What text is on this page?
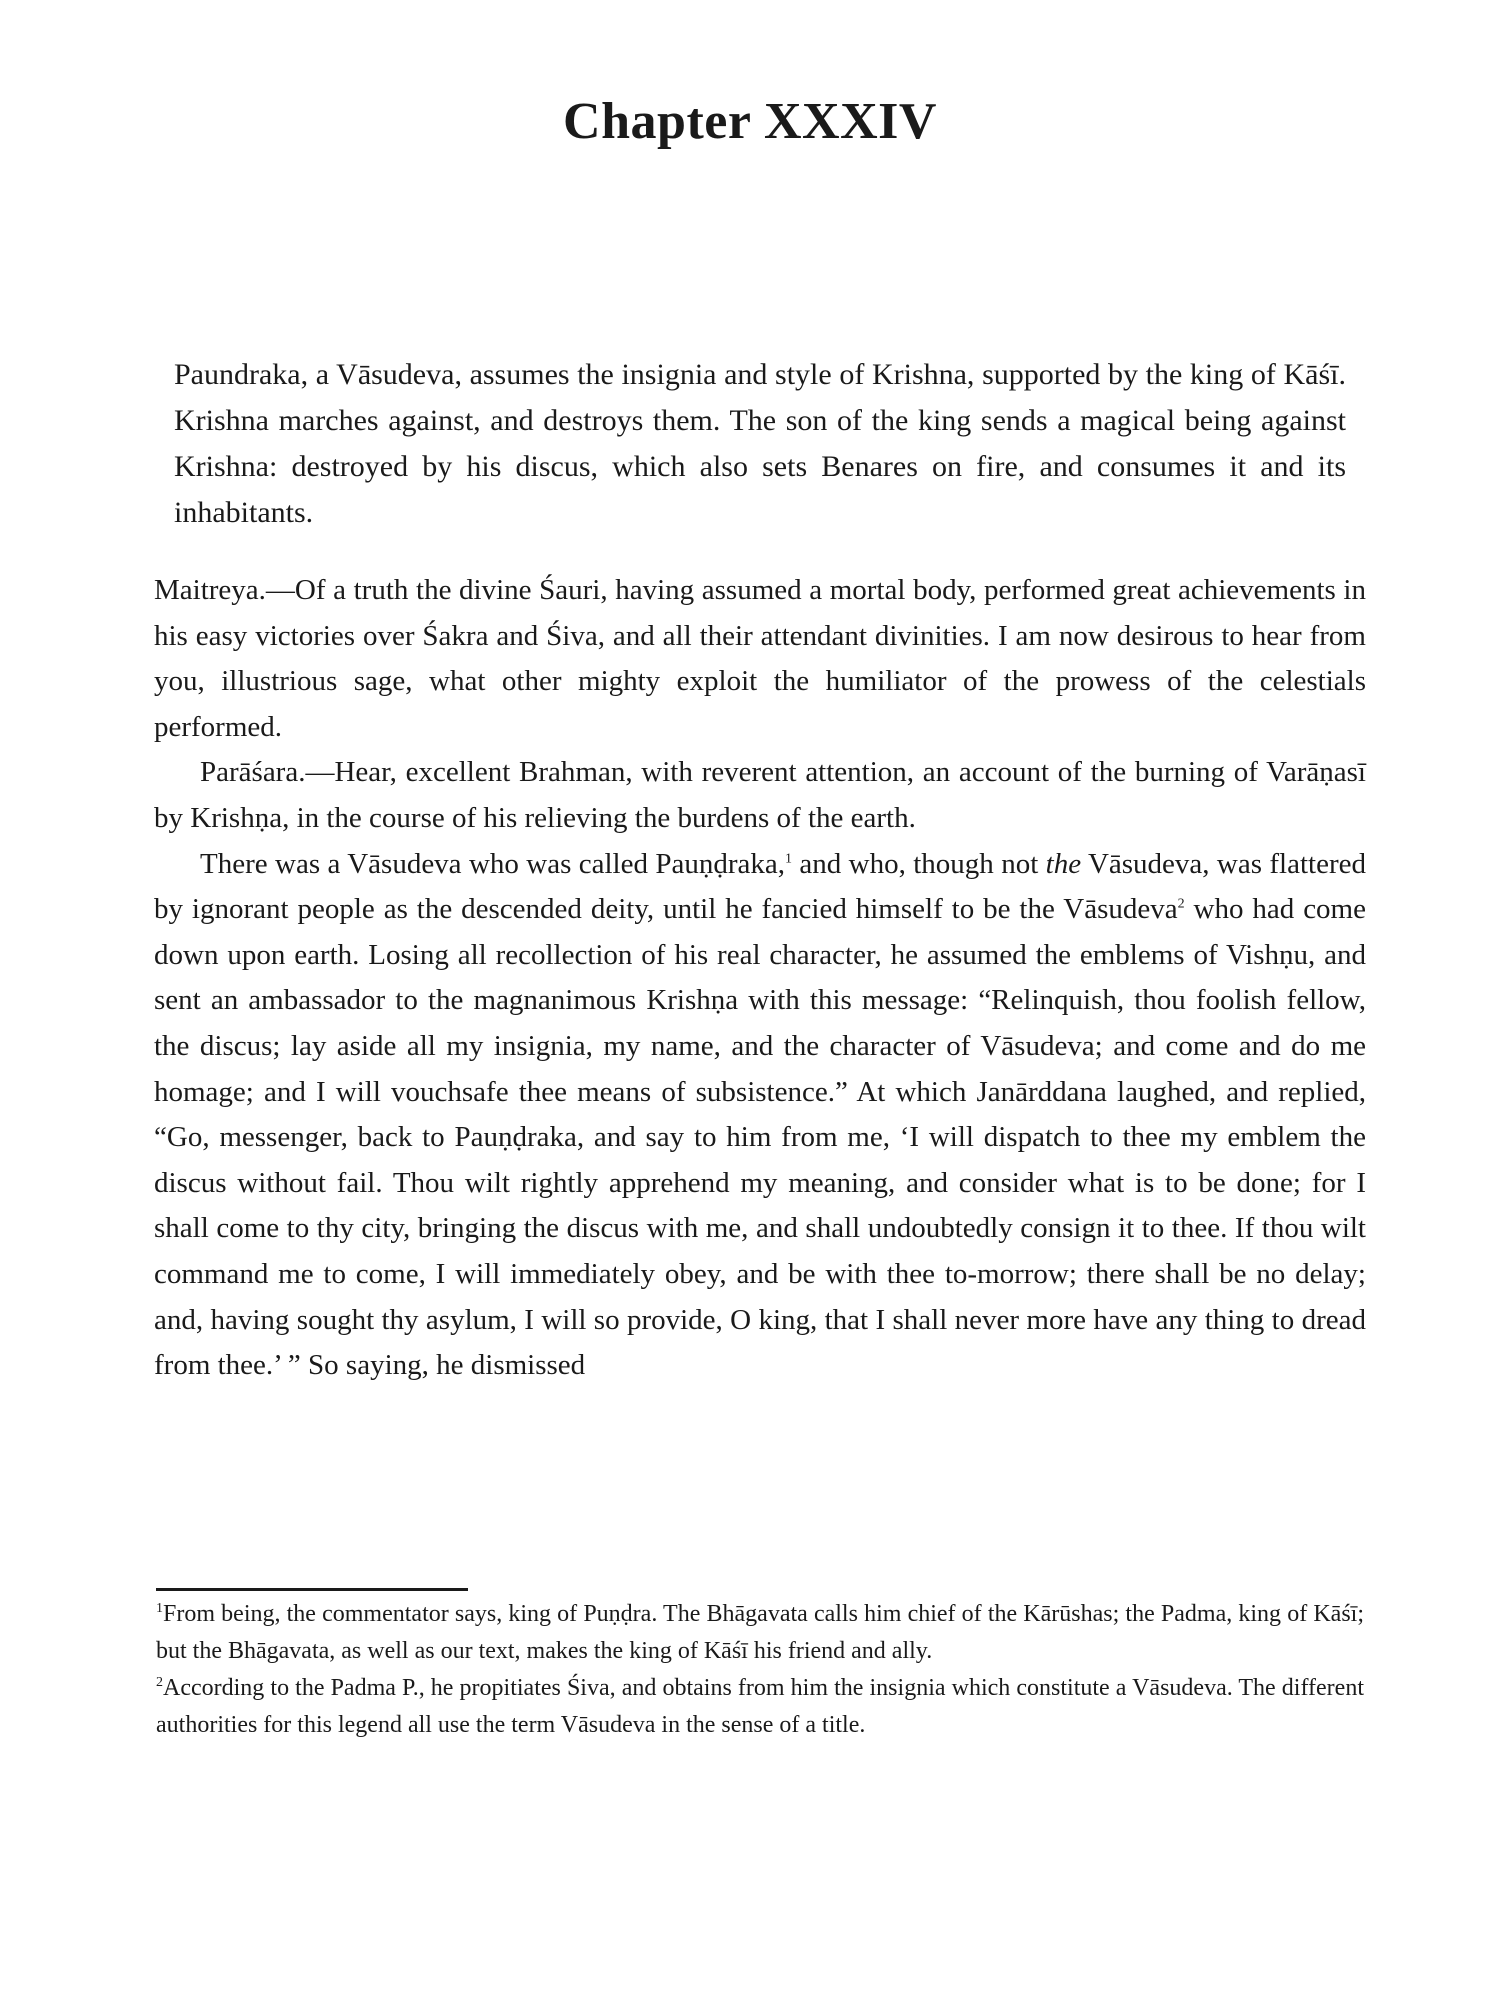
Chapter XXXIV

Paundraka, a Vāsudeva, assumes the insignia and style of Krishna, supported by the king of Kāśī. Krishna marches against, and destroys them. The son of the king sends a magical being against Krishna: destroyed by his discus, which also sets Benares on fire, and consumes it and its inhabitants.

Maitreya.—Of a truth the divine Śauri, having assumed a mortal body, performed great achievements in his easy victories over Śakra and Śiva, and all their attendant divinities. I am now desirous to hear from you, illustrious sage, what other mighty exploit the humiliator of the prowess of the celestials performed.

Parāśara.—Hear, excellent Brahman, with reverent attention, an account of the burning of Varāṇasī by Krishṇa, in the course of his relieving the burdens of the earth.

There was a Vāsudeva who was called Pauṇḍraka,$^1$ and who, though not the Vāsudeva, was flattered by ignorant people as the descended deity, until he fancied himself to be the Vāsudeva$^2$ who had come down upon earth. Losing all recollection of his real character, he assumed the emblems of Vishṇu, and sent an ambassador to the magnanimous Krishṇa with this message: “Relinquish, thou foolish fellow, the discus; lay aside all my insignia, my name, and the character of Vāsudeva; and come and do me homage; and I will vouchsafe thee means of subsistence.” At which Janārddana laughed, and replied, “Go, messenger, back to Pauṇḍraka, and say to him from me, ‘I will dispatch to thee my emblem the discus without fail. Thou wilt rightly apprehend my meaning, and consider what is to be done; for I shall come to thy city, bringing the discus with me, and shall undoubtedly consign it to thee. If thou wilt command me to come, I will immediately obey, and be with thee to-morrow; there shall be no delay; and, having sought thy asylum, I will so provide, O king, that I shall never more have any thing to dread from thee.’ ” So saying, he dismissed

$^1$From being, the commentator says, king of Puṇḍra. The Bhāgavata calls him chief of the Kārūshas; the Padma, king of Kāśī; but the Bhāgavata, as well as our text, makes the king of Kāśī his friend and ally.

$^2$According to the Padma P., he propitiates Śiva, and obtains from him the insignia which constitute a Vāsudeva. The different authorities for this legend all use the term Vāsudeva in the sense of a title.
